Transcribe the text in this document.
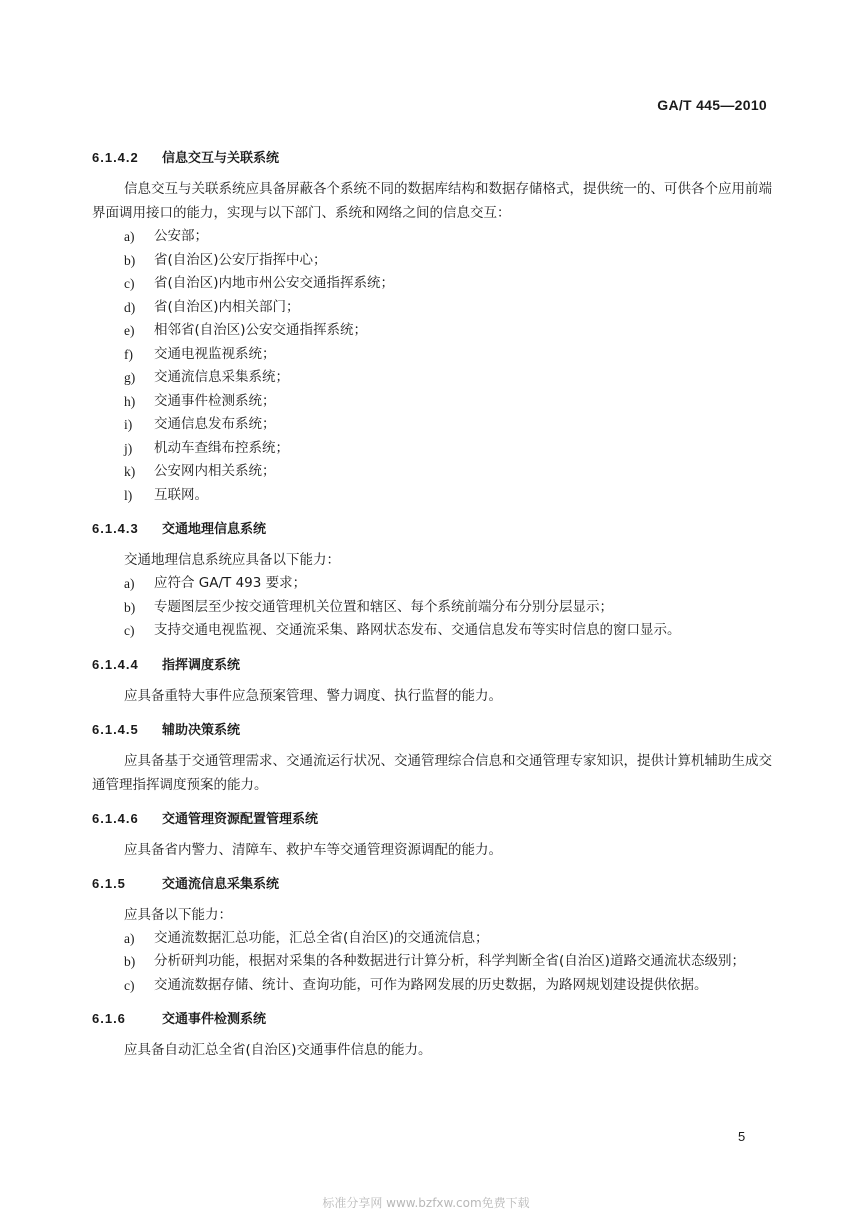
GA/T 445—2010
6.1.4.2 信息交互与关联系统

信息交互与关联系统应具备屏蔽各个系统不同的数据库结构和数据存储格式，提供统一的、可供各个应用前端界面调用接口的能力，实现与以下部门、系统和网络之间的信息交互：

a)	公安部；
b)	省(自治区)公安厅指挥中心；
c)	省(自治区)内地市州公安交通指挥系统；
d)	省(自治区)内相关部门；
e)	相邻省(自治区)公安交通指挥系统；
f)	交通电视监视系统；
g)	交通流信息采集系统；
h)	交通事件检测系统；
i)	交通信息发布系统；
j)	机动车查缉布控系统；
k)	公安网内相关系统；
l)	互联网。
6.1.4.3 交通地理信息系统

交通地理信息系统应具备以下能力：

a)	应符合 GA/T 493 要求；
b)	专题图层至少按交通管理机关位置和辖区、每个系统前端分布分别分层显示；
c)	支持交通电视监视、交通流采集、路网状态发布、交通信息发布等实时信息的窗口显示。
6.1.4.4 指挥调度系统

应具备重特大事件应急预案管理、警力调度、执行监督的能力。

6.1.4.5 辅助决策系统

应具备基于交通管理需求、交通流运行状况、交通管理综合信息和交通管理专家知识，提供计算机辅助生成交通管理指挥调度预案的能力。

6.1.4.6 交通管理资源配置管理系统

应具备省内警力、清障车、救护车等交通管理资源调配的能力。

6.1.5	交通流信息采集系统

应具备以下能力：

a)	交通流数据汇总功能，汇总全省(自治区)的交通流信息；
b)	分析研判功能，根据对采集的各种数据进行计算分析，科学判断全省(自治区)道路交通流状态级别；
c)	交通流数据存储、统计、查询功能，可作为路网发展的历史数据，为路网规划建设提供依据。
6.1.6	交通事件检测系统

应具备自动汇总全省(自治区)交通事件信息的能力。

5
标准分享网 www.bzfxw.com免费下载
